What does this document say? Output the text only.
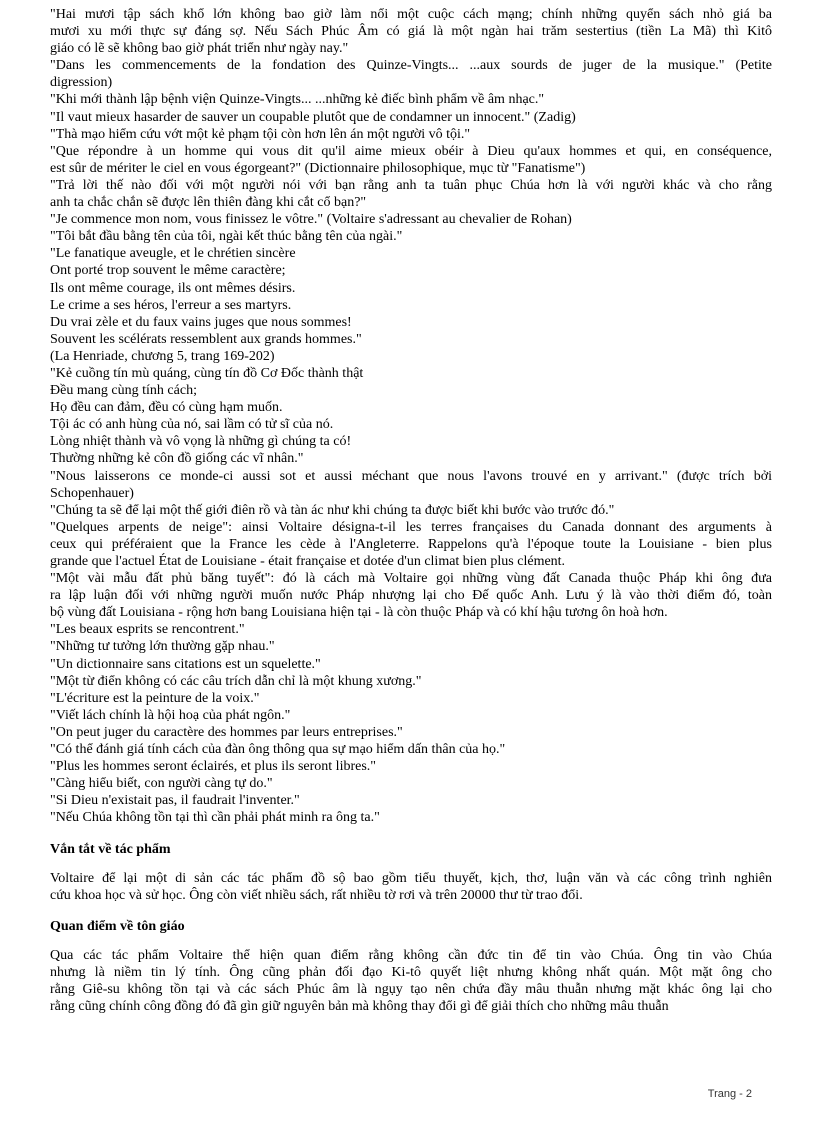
"Hai mươi tập sách khổ lớn không bao giờ làm nổi một cuộc cách mạng; chính những quyển sách nhỏ giá ba
mươi xu mới thực sự đáng sợ. Nếu Sách Phúc Âm có giá là một ngàn hai trăm sestertius (tiền La Mã) thì Kitô
giáo có lẽ sẽ không bao giờ phát triển như ngày nay."
"Dans les commencements de la fondation des Quinze-Vingts... ...aux sourds de juger de la musique." (Petite
digression)
"Khi mới thành lập bệnh viện Quinze-Vingts... ...những kẻ điếc bình phẩm về âm nhạc."
"Il vaut mieux hasarder de sauver un coupable plutôt que de condamner un innocent." (Zadig)
"Thà mạo hiểm cứu vớt một kẻ phạm tội còn hơn lên án một người vô tội."
"Que répondre à un homme qui vous dit qu'il aime mieux obéir à Dieu qu'aux hommes et qui, en conséquence,
est sûr de mériter le ciel en vous égorgeant?" (Dictionnaire philosophique, mục từ "Fanatisme")
"Trả lời thế nào đối với một người nói với bạn rằng anh ta tuân phục Chúa hơn là với người khác và cho rằng
anh ta chắc chắn sẽ được lên thiên đàng khi cắt cổ bạn?"
"Je commence mon nom, vous finissez le vôtre." (Voltaire s'adressant au chevalier de Rohan)
"Tôi bắt đầu bằng tên của tôi, ngài kết thúc bằng tên của ngài."
"Le fanatique aveugle, et le chrétien sincère
Ont porté trop souvent le même caractère;
Ils ont même courage, ils ont mêmes désirs.
Le crime a ses héros, l'erreur a ses martyrs.
Du vrai zèle et du faux vains juges que nous sommes!
Souvent les scélérats ressemblent aux grands hommes."
(La Henriade, chương 5, trang 169-202)
"Kẻ cuồng tín mù quáng, cùng tín đồ Cơ Đốc thành thật
Đều mang cùng tính cách;
Họ đều can đảm, đều có cùng hạm muốn.
Tội ác có anh hùng của nó, sai lầm có tử sĩ của nó.
Lòng nhiệt thành và vô vọng là những gì chúng ta có!
Thường những kẻ côn đồ giống các vĩ nhân."
"Nous laisserons ce monde-ci aussi sot et aussi méchant que nous l'avons trouvé en y arrivant." (được trích bởi
Schopenhauer)
"Chúng ta sẽ để lại một thế giới điên rồ và tàn ác như khi chúng ta được biết khi bước vào trước đó."
"Quelques arpents de neige": ainsi Voltaire désigna-t-il les terres françaises du Canada donnant des arguments à
ceux qui préféraient que la France les cède à l'Angleterre. Rappelons qu'à l'époque toute la Louisiane - bien plus
grande que l'actuel État de Louisiane - était française et dotée d'un climat bien plus clément.
"Một vài mẫu đất phủ băng tuyết": đó là cách mà Voltaire gọi những vùng đất Canada thuộc Pháp khi ông đưa
ra lập luận đối với những người muốn nước Pháp nhượng lại cho Đế quốc Anh. Lưu ý là vào thời điểm đó, toàn
bộ vùng đất Louisiana - rộng hơn bang Louisiana hiện tại - là còn thuộc Pháp và có khí hậu tương ôn hoà hơn.
"Les beaux esprits se rencontrent."
"Những tư tưởng lớn thường gặp nhau."
"Un dictionnaire sans citations est un squelette."
"Một từ điển không có các câu trích dẫn chỉ là một khung xương."
"L'écriture est la peinture de la voix."
"Viết lách chính là hội hoạ của phát ngôn."
"On peut juger du caractère des hommes par leurs entreprises."
"Có thể đánh giá tính cách của đàn ông thông qua sự mạo hiểm dấn thân của họ."
"Plus les hommes seront éclairés, et plus ils seront libres."
"Càng hiểu biết, con người càng tự do."
"Si Dieu n'existait pas, il faudrait l'inventer."
"Nếu Chúa không tồn tại thì cần phải phát minh ra ông ta."
Vắn tắt về tác phẩm
Voltaire để lại một di sản các tác phẩm đồ sộ bao gồm tiểu thuyết, kịch, thơ, luận văn và các công trình nghiên
cứu khoa học và sử học. Ông còn viết nhiều sách, rất nhiều tờ rơi và trên 20000 thư từ trao đổi.
Quan điểm về tôn giáo
Qua các tác phẩm Voltaire thể hiện quan điểm rằng không cần đức tin để tin vào Chúa. Ông tin vào Chúa
nhưng là niềm tin lý tính. Ông cũng phản đối đạo Ki-tô quyết liệt nhưng không nhất quán. Một mặt ông cho
rằng Giê-su không tồn tại và các sách Phúc âm là ngụy tạo nên chứa đầy mâu thuẫn nhưng mặt khác ông lại cho
rằng cũng chính công đồng đó đã gìn giữ nguyên bản mà không thay đổi gì để giải thích cho những mâu thuẫn
Trang - 2
